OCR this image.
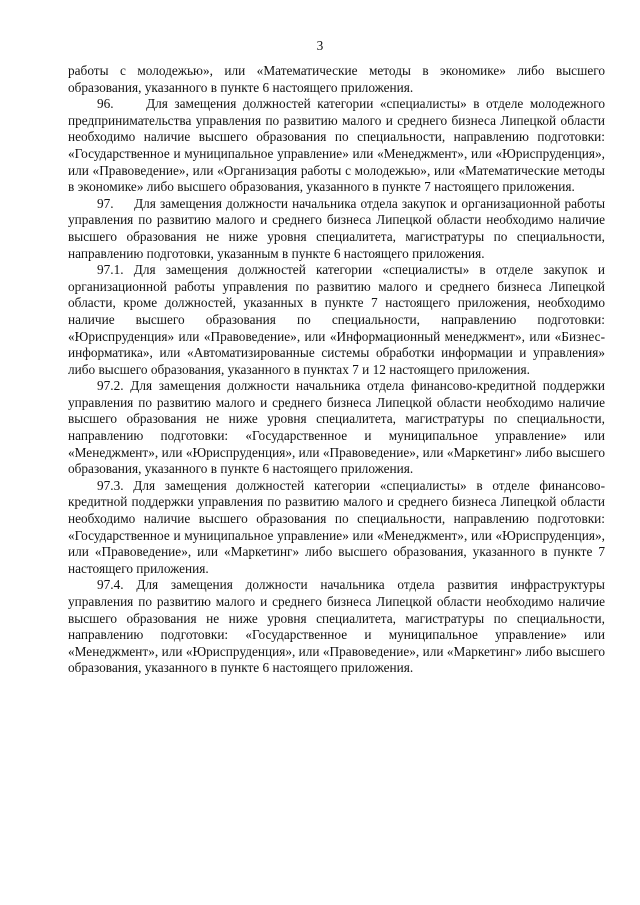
3

работы с молодежью», или «Математические методы в экономике» либо высшего образования, указанного в пункте 6 настоящего приложения.

96.     Для замещения должностей категории «специалисты» в отделе молодежного предпринимательства управления по развитию малого и среднего бизнеса Липецкой области необходимо наличие высшего образования по специальности, направлению подготовки: «Государственное и муниципальное управление» или «Менеджмент», или «Юриспруденция», или «Правоведение», или «Организация работы с молодежью», или «Математические методы в экономике» либо высшего образования, указанного в пункте 7 настоящего приложения.

97.     Для замещения должности начальника отдела закупок и организационной работы управления по развитию малого и среднего бизнеса Липецкой области необходимо наличие высшего образования не ниже уровня специалитета, магистратуры по специальности, направлению подготовки, указанным в пункте 6 настоящего приложения.

97.1. Для замещения должностей категории «специалисты» в отделе закупок и организационной работы управления по развитию малого и среднего бизнеса Липецкой области, кроме должностей, указанных в пункте 7 настоящего приложения, необходимо наличие высшего образования по специальности, направлению подготовки: «Юриспруденция» или «Правоведение», или «Информационный менеджмент», или «Бизнес-информатика», или «Автоматизированные системы обработки информации и управления» либо высшего образования, указанного в пунктах 7 и 12 настоящего приложения.

97.2. Для замещения должности начальника отдела финансово-кредитной поддержки управления по развитию малого и среднего бизнеса Липецкой области необходимо наличие высшего образования не ниже уровня специалитета, магистратуры по специальности, направлению подготовки: «Государственное и муниципальное управление» или «Менеджмент», или «Юриспруденция», или «Правоведение», или «Маркетинг» либо высшего образования, указанного в пункте 6 настоящего приложения.

97.3. Для замещения должностей категории «специалисты» в отделе финансово-кредитной поддержки управления по развитию малого и среднего бизнеса Липецкой области необходимо наличие высшего образования по специальности, направлению подготовки: «Государственное и муниципальное управление» или «Менеджмент», или «Юриспруденция», или «Правоведение», или «Маркетинг» либо высшего образования, указанного в пункте 7 настоящего приложения.

97.4. Для замещения должности начальника отдела развития инфраструктуры управления по развитию малого и среднего бизнеса Липецкой области необходимо наличие высшего образования не ниже уровня специалитета, магистратуры по специальности, направлению подготовки: «Государственное и муниципальное управление» или «Менеджмент», или «Юриспруденция», или «Правоведение», или «Маркетинг» либо высшего образования, указанного в пункте 6 настоящего приложения.
